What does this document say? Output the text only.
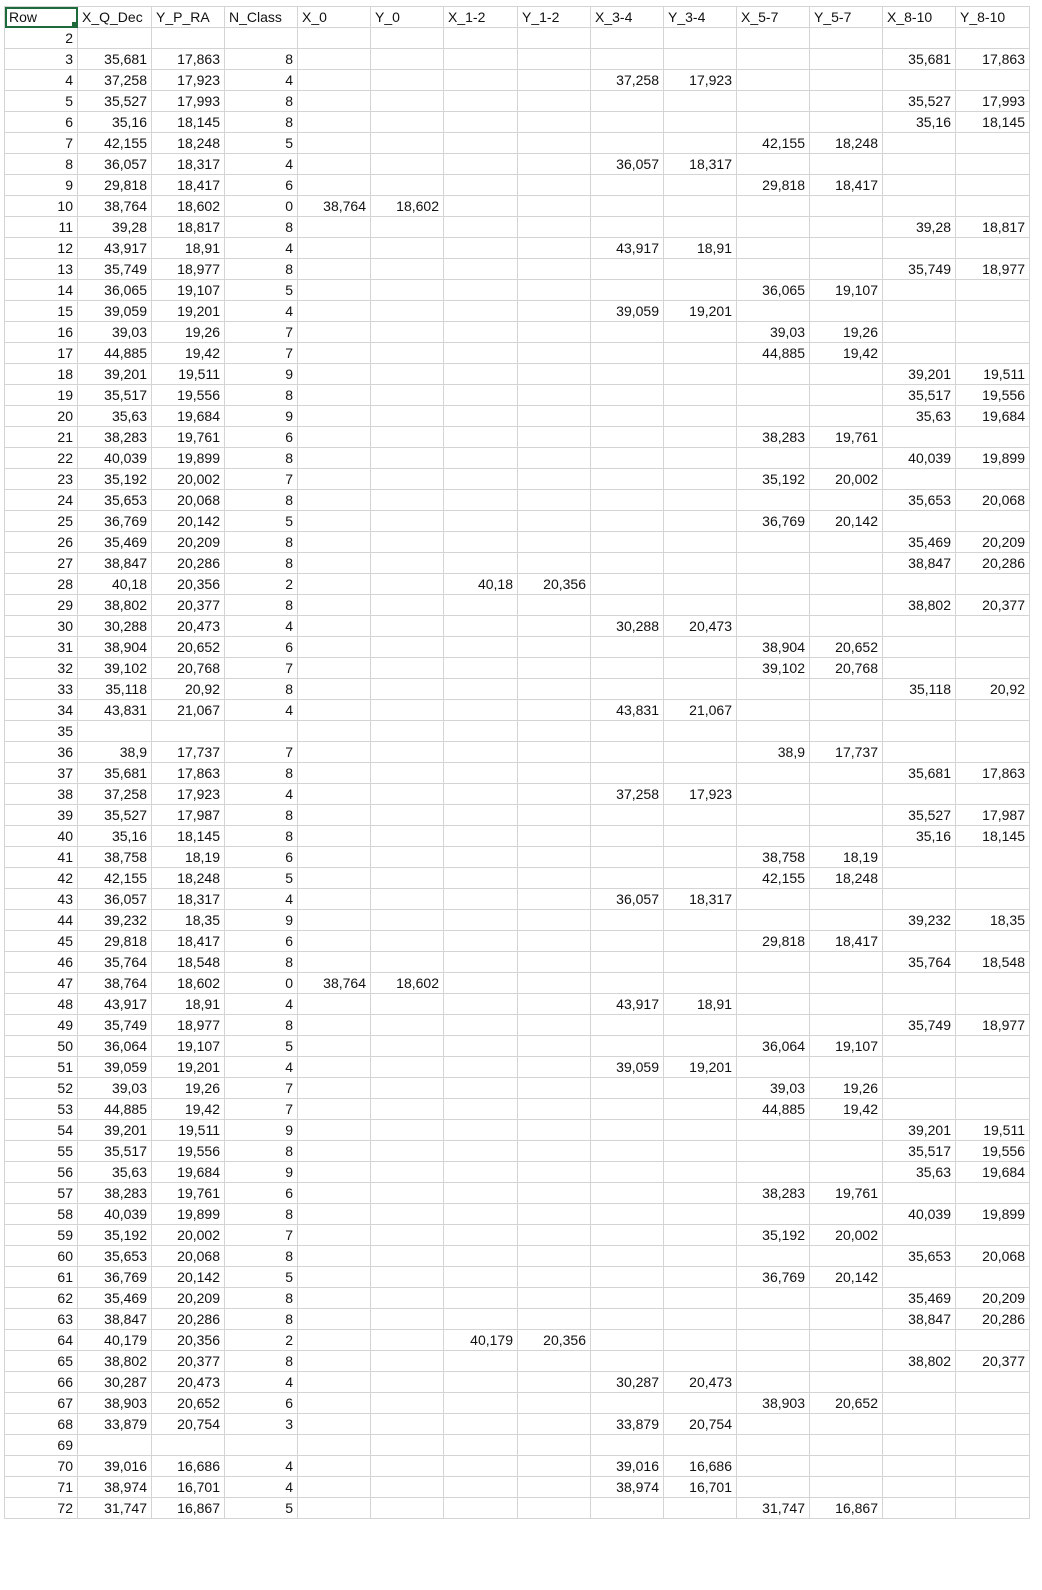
Row	X_Q_Dec	Y_P_RA	N_Class	X_0	Y_0	X_1-2	Y_1-2	X_3-4	Y_3-4	X_5-7	Y_5-7	X_8-10	Y_8-10
2													
3	35,681	17,863	8									35,681	17,863
4	37,258	17,923	4					37,258	17,923				
5	35,527	17,993	8									35,527	17,993
6	35,16	18,145	8									35,16	18,145
7	42,155	18,248	5							42,155	18,248		
8	36,057	18,317	4					36,057	18,317				
9	29,818	18,417	6							29,818	18,417		
10	38,764	18,602	0	38,764	18,602								
11	39,28	18,817	8									39,28	18,817
12	43,917	18,91	4					43,917	18,91				
13	35,749	18,977	8									35,749	18,977
14	36,065	19,107	5							36,065	19,107		
15	39,059	19,201	4					39,059	19,201				
16	39,03	19,26	7							39,03	19,26		
17	44,885	19,42	7							44,885	19,42		
18	39,201	19,511	9									39,201	19,511
19	35,517	19,556	8									35,517	19,556
20	35,63	19,684	9									35,63	19,684
21	38,283	19,761	6							38,283	19,761		
22	40,039	19,899	8									40,039	19,899
23	35,192	20,002	7							35,192	20,002		
24	35,653	20,068	8									35,653	20,068
25	36,769	20,142	5							36,769	20,142		
26	35,469	20,209	8									35,469	20,209
27	38,847	20,286	8									38,847	20,286
28	40,18	20,356	2			40,18	20,356						
29	38,802	20,377	8									38,802	20,377
30	30,288	20,473	4					30,288	20,473				
31	38,904	20,652	6							38,904	20,652		
32	39,102	20,768	7							39,102	20,768		
33	35,118	20,92	8									35,118	20,92
34	43,831	21,067	4					43,831	21,067				
35													
36	38,9	17,737	7							38,9	17,737		
37	35,681	17,863	8									35,681	17,863
38	37,258	17,923	4					37,258	17,923				
39	35,527	17,987	8									35,527	17,987
40	35,16	18,145	8									35,16	18,145
41	38,758	18,19	6							38,758	18,19		
42	42,155	18,248	5							42,155	18,248		
43	36,057	18,317	4					36,057	18,317				
44	39,232	18,35	9									39,232	18,35
45	29,818	18,417	6							29,818	18,417		
46	35,764	18,548	8									35,764	18,548
47	38,764	18,602	0	38,764	18,602								
48	43,917	18,91	4					43,917	18,91				
49	35,749	18,977	8									35,749	18,977
50	36,064	19,107	5							36,064	19,107		
51	39,059	19,201	4					39,059	19,201				
52	39,03	19,26	7							39,03	19,26		
53	44,885	19,42	7							44,885	19,42		
54	39,201	19,511	9									39,201	19,511
55	35,517	19,556	8									35,517	19,556
56	35,63	19,684	9									35,63	19,684
57	38,283	19,761	6							38,283	19,761		
58	40,039	19,899	8									40,039	19,899
59	35,192	20,002	7							35,192	20,002		
60	35,653	20,068	8									35,653	20,068
61	36,769	20,142	5							36,769	20,142		
62	35,469	20,209	8									35,469	20,209
63	38,847	20,286	8									38,847	20,286
64	40,179	20,356	2			40,179	20,356						
65	38,802	20,377	8									38,802	20,377
66	30,287	20,473	4					30,287	20,473				
67	38,903	20,652	6							38,903	20,652		
68	33,879	20,754	3					33,879	20,754				
69													
70	39,016	16,686	4					39,016	16,686				
71	38,974	16,701	4					38,974	16,701				
72	31,747	16,867	5							31,747	16,867		
